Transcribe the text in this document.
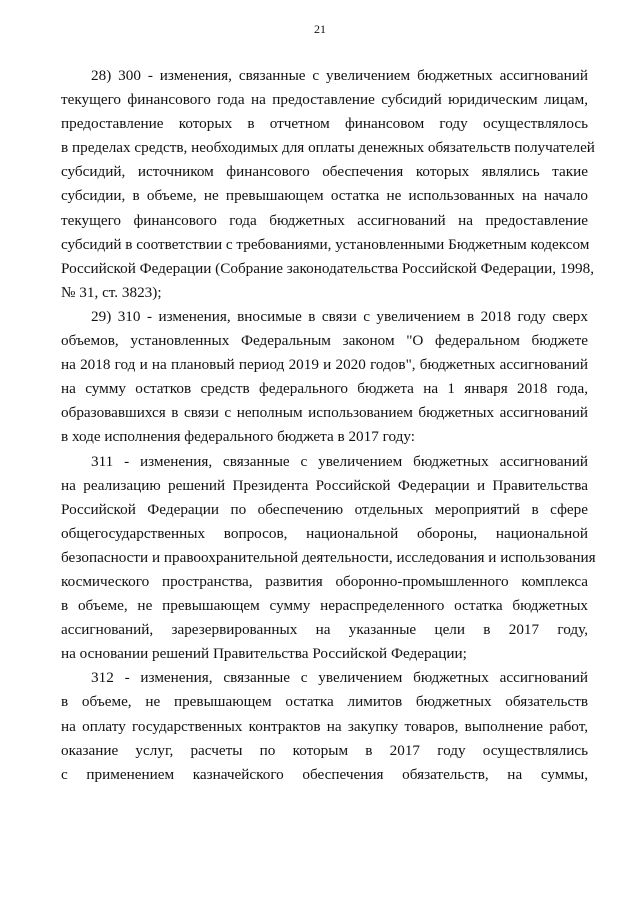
21
28) 300 - изменения, связанные с увеличением бюджетных ассигнований
текущего финансового года на предоставление субсидий юридическим лицам,
предоставление которых в отчетном финансовом году осуществлялось
в пределах средств, необходимых для оплаты денежных обязательств получателей
субсидий, источником финансового обеспечения которых являлись такие
субсидии, в объеме, не превышающем остатка не использованных на начало
текущего финансового года бюджетных ассигнований на предоставление
субсидий в соответствии с требованиями, установленными Бюджетным кодексом
Российской Федерации (Собрание законодательства Российской Федерации, 1998,
№ 31, ст. 3823);
29) 310 - изменения, вносимые в связи с увеличением в 2018 году сверх
объемов, установленных Федеральным законом "О федеральном бюджете
на 2018 год и на плановый период 2019 и 2020 годов", бюджетных ассигнований
на сумму остатков средств федерального бюджета на 1 января 2018 года,
образовавшихся в связи с неполным использованием бюджетных ассигнований
в ходе исполнения федерального бюджета в 2017 году:
311 - изменения, связанные с увеличением бюджетных ассигнований
на реализацию решений Президента Российской Федерации и Правительства
Российской Федерации по обеспечению отдельных мероприятий в сфере
общегосударственных вопросов, национальной обороны, национальной
безопасности и правоохранительной деятельности, исследования и использования
космического пространства, развития оборонно-промышленного комплекса
в объеме, не превышающем сумму нераспределенного остатка бюджетных
ассигнований, зарезервированных на указанные цели в 2017 году,
на основании решений Правительства Российской Федерации;
312 - изменения, связанные с увеличением бюджетных ассигнований
в объеме, не превышающем остатка лимитов бюджетных обязательств
на оплату государственных контрактов на закупку товаров, выполнение работ,
оказание услуг, расчеты по которым в 2017 году осуществлялись
с применением казначейского обеспечения обязательств, на суммы,
